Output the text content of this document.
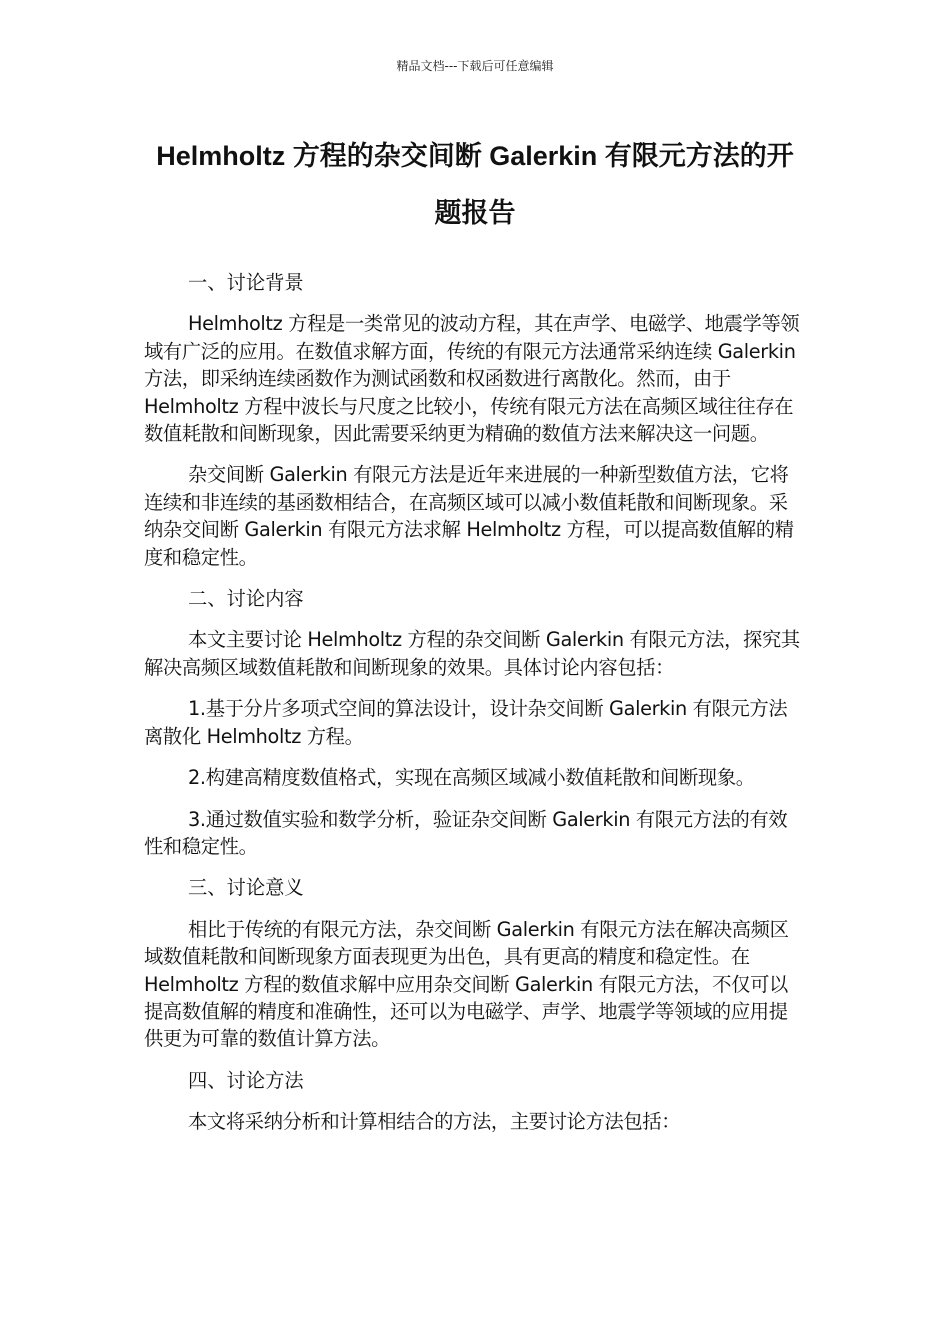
精品文档---下载后可任意编辑
Helmholtz 方程的杂交间断 Galerkin 有限元方法的开
题报告

一、讨论背景

Helmholtz 方程是一类常见的波动方程，其在声学、电磁学、地震学等领域有广泛的应用。在数值求解方面，传统的有限元方法通常采纳连续 Galerkin 方法，即采纳连续函数作为测试函数和权函数进行离散化。然而，由于 Helmholtz 方程中波长与尺度之比较小，传统有限元方法在高频区域往往存在数值耗散和间断现象，因此需要采纳更为精确的数值方法来解决这一问题。

杂交间断 Galerkin 有限元方法是近年来进展的一种新型数值方法，它将连续和非连续的基函数相结合，在高频区域可以减小数值耗散和间断现象。采纳杂交间断 Galerkin 有限元方法求解 Helmholtz 方程，可以提高数值解的精度和稳定性。

二、讨论内容

本文主要讨论 Helmholtz 方程的杂交间断 Galerkin 有限元方法，探究其解决高频区域数值耗散和间断现象的效果。具体讨论内容包括：

1.基于分片多项式空间的算法设计，设计杂交间断 Galerkin 有限元方法离散化 Helmholtz 方程。

2.构建高精度数值格式，实现在高频区域减小数值耗散和间断现象。

3.通过数值实验和数学分析，验证杂交间断 Galerkin 有限元方法的有效性和稳定性。

三、讨论意义

相比于传统的有限元方法，杂交间断 Galerkin 有限元方法在解决高频区域数值耗散和间断现象方面表现更为出色，具有更高的精度和稳定性。在 Helmholtz 方程的数值求解中应用杂交间断 Galerkin 有限元方法，不仅可以提高数值解的精度和准确性，还可以为电磁学、声学、地震学等领域的应用提供更为可靠的数值计算方法。

四、讨论方法

本文将采纳分析和计算相结合的方法，主要讨论方法包括：
